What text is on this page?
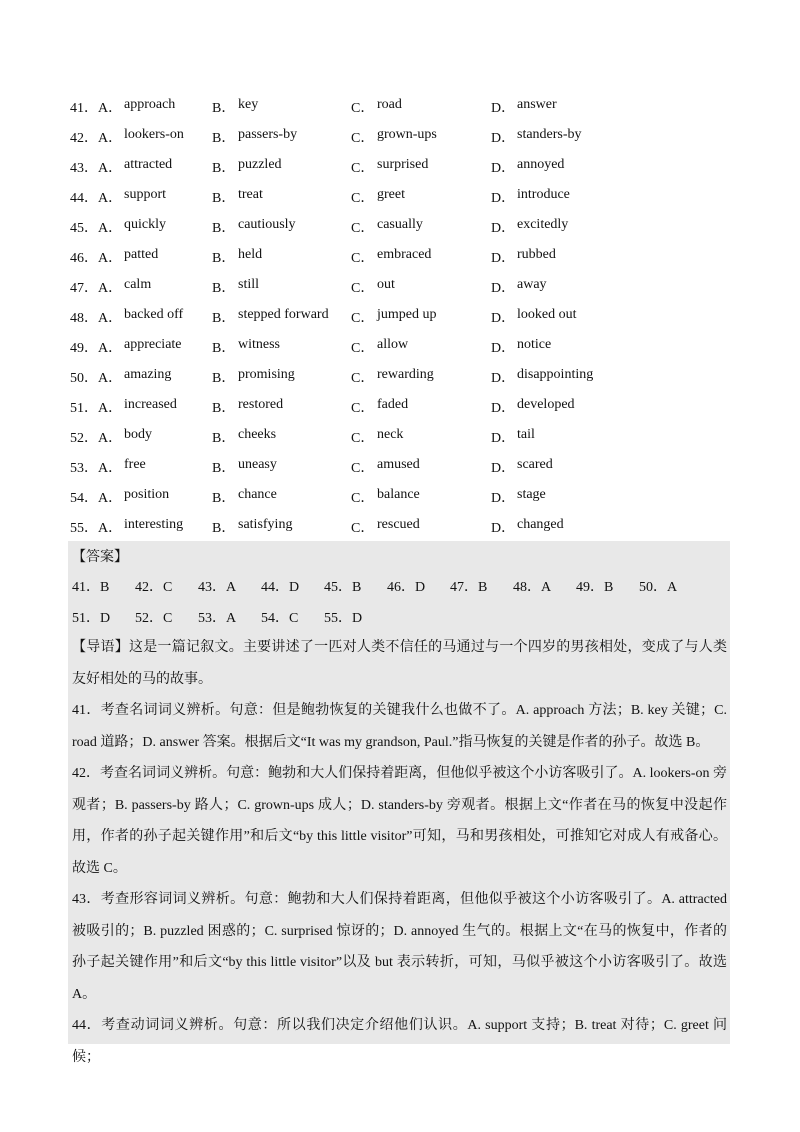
41． A． approach	B． key	C． road	D． answer
42． A． lookers-on B． passers-by	C． grown-ups	D． standers-by
43． A． attracted	B． puzzled	C． surprised	D． annoyed
44． A． support	B． treat	C． greet	D． introduce
45． A． quickly	B． cautiously	C． casually	D． excitedly
46． A． patted	B． held	C． embraced	D． rubbed
47． A． calm	B． still	C． out	D． away
48． A． backed off B． stepped forward C． jumped up	D． looked out
49． A． appreciate B． witness	C． allow	D． notice
50． A． amazing	B． promising	C． rewarding	D． disappointing
51． A． increased	B． restored	C． faded	D． developed
52． A． body	B． cheeks	C． neck	D． tail
53． A． free	B． uneasy	C． amused	D． scared
54． A． position	B． chance	C． balance	D． stage
55． A． interesting B． satisfying	C． rescued	D． changed
【答案】
41．B	42．C	43．A	44．D	45．B	46．D	47．B	48．A	49．B	50．A
51．D	52．C	53．A	54．C	55．D
【导语】这是一篇记叙文。主要讲述了一匹对人类不信任的马通过与一个四岁的男孩相处，变成了与人类友好相处的马的故事。
41．考查名词词义辨析。句意：但是鲍勃恢复的关键我什么也做不了。A. approach 方法；B. key 关键；C. road 道路；D. answer 答案。根据后文“It was my grandson, Paul.”指马恢复的关键是作者的孙子。故选 B。
42．考查名词词义辨析。句意：鲍勃和大人们保持着距离，但他似乎被这个小访客吸引了。A. lookers-on 旁观者；B. passers-by 路人；C. grown-ups 成人；D. standers-by 旁观者。根据上文“作者在马的恢复中没起作用，作者的孙子起关键作用”和后文“by this little visitor”可知，马和男孩相处，可推知它对成人有戒备心。故选 C。
43．考查形容词词义辨析。句意：鲍勃和大人们保持着距离，但他似乎被这个小访客吸引了。A. attracted 被吸引的；B. puzzled 困惑的；C. surprised 惊讶的；D. annoyed 生气的。根据上文“在马的恢复中，作者的孙子起关键作用”和后文“by this little visitor”以及 but 表示转折，可知，马似乎被这个小访客吸引了。故选 A。
44．考查动词词义辨析。句意：所以我们决定介绍他们认识。A. support 支持；B. treat 对待；C. greet 问候；
